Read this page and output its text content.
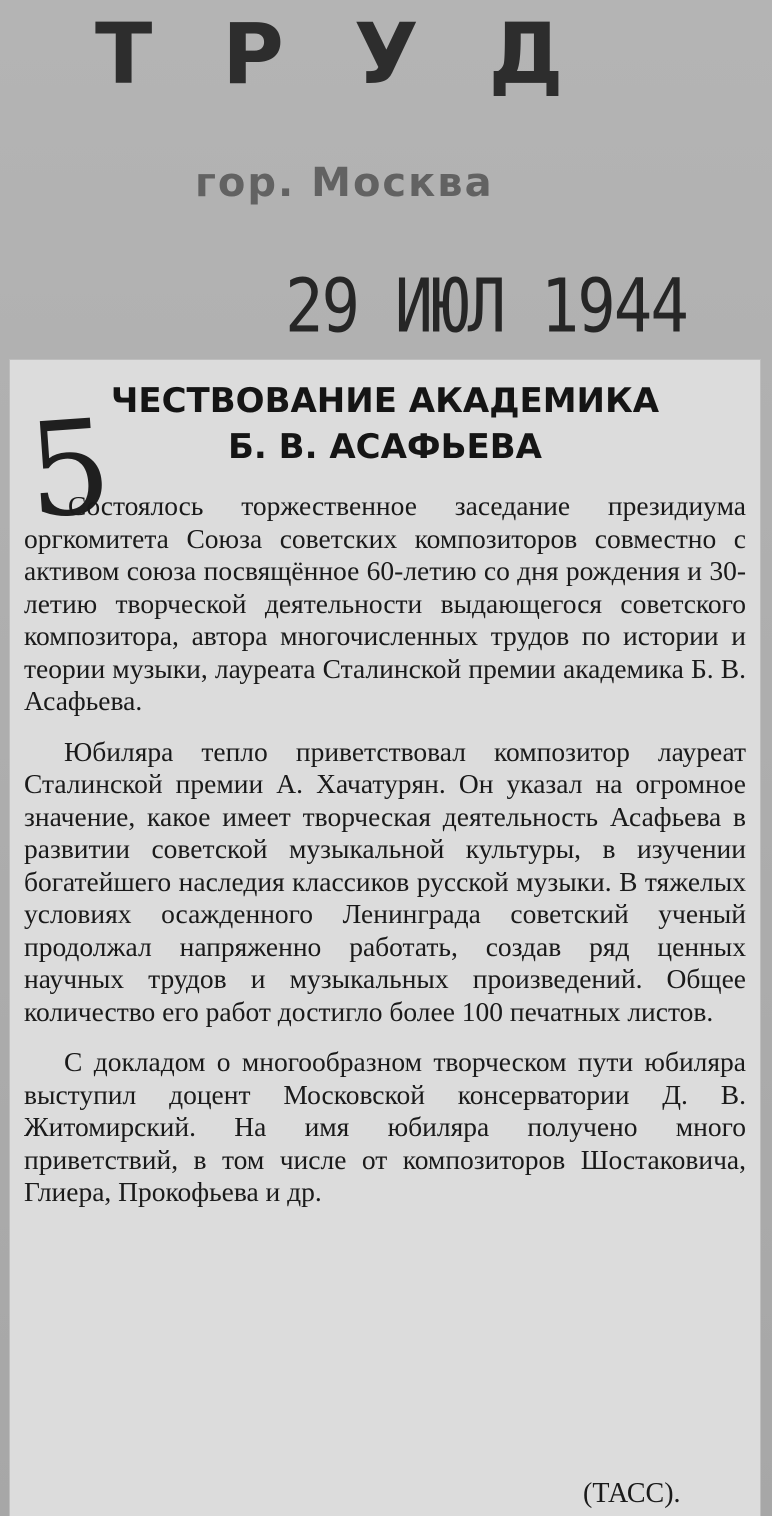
ТРУД
гор. Москва
29 ИЮЛ 1944
ЧЕСТВОВАНИЕ АКАДЕМИКА
Б. В. АСАФЬЕВА
5

Состоялось торжественное заседание президиума оргкомитета Союза советских композиторов совместно с активом союза посвящённое 60-летию со дня рождения и 30-летию творческой деятельности выдающегося советского композитора, автора многочисленных трудов по истории и теории музыки, лауреата Сталинской премии академика Б. В. Асафьева.

Юбиляра тепло приветствовал композитор лауреат Сталинской премии А. Хачатурян. Он указал на огромное значение, какое имеет творческая деятельность Асафьева в развитии советской музыкальной культуры, в изучении богатейшего наследия классиков русской музыки. В тяжелых условиях осажденного Ленинграда советский ученый продолжал напряженно работать, создав ряд ценных научных трудов и музыкальных произведений. Общее количество его работ достигло более 100 печатных листов.

С докладом о многообразном творческом пути юбиляра выступил доцент Московской консерватории Д. В. Житомирский. На имя юбиляра получено много приветствий, в том числе от композиторов Шостаковича, Глиера, Прокофьева и др.

(ТАСС).
